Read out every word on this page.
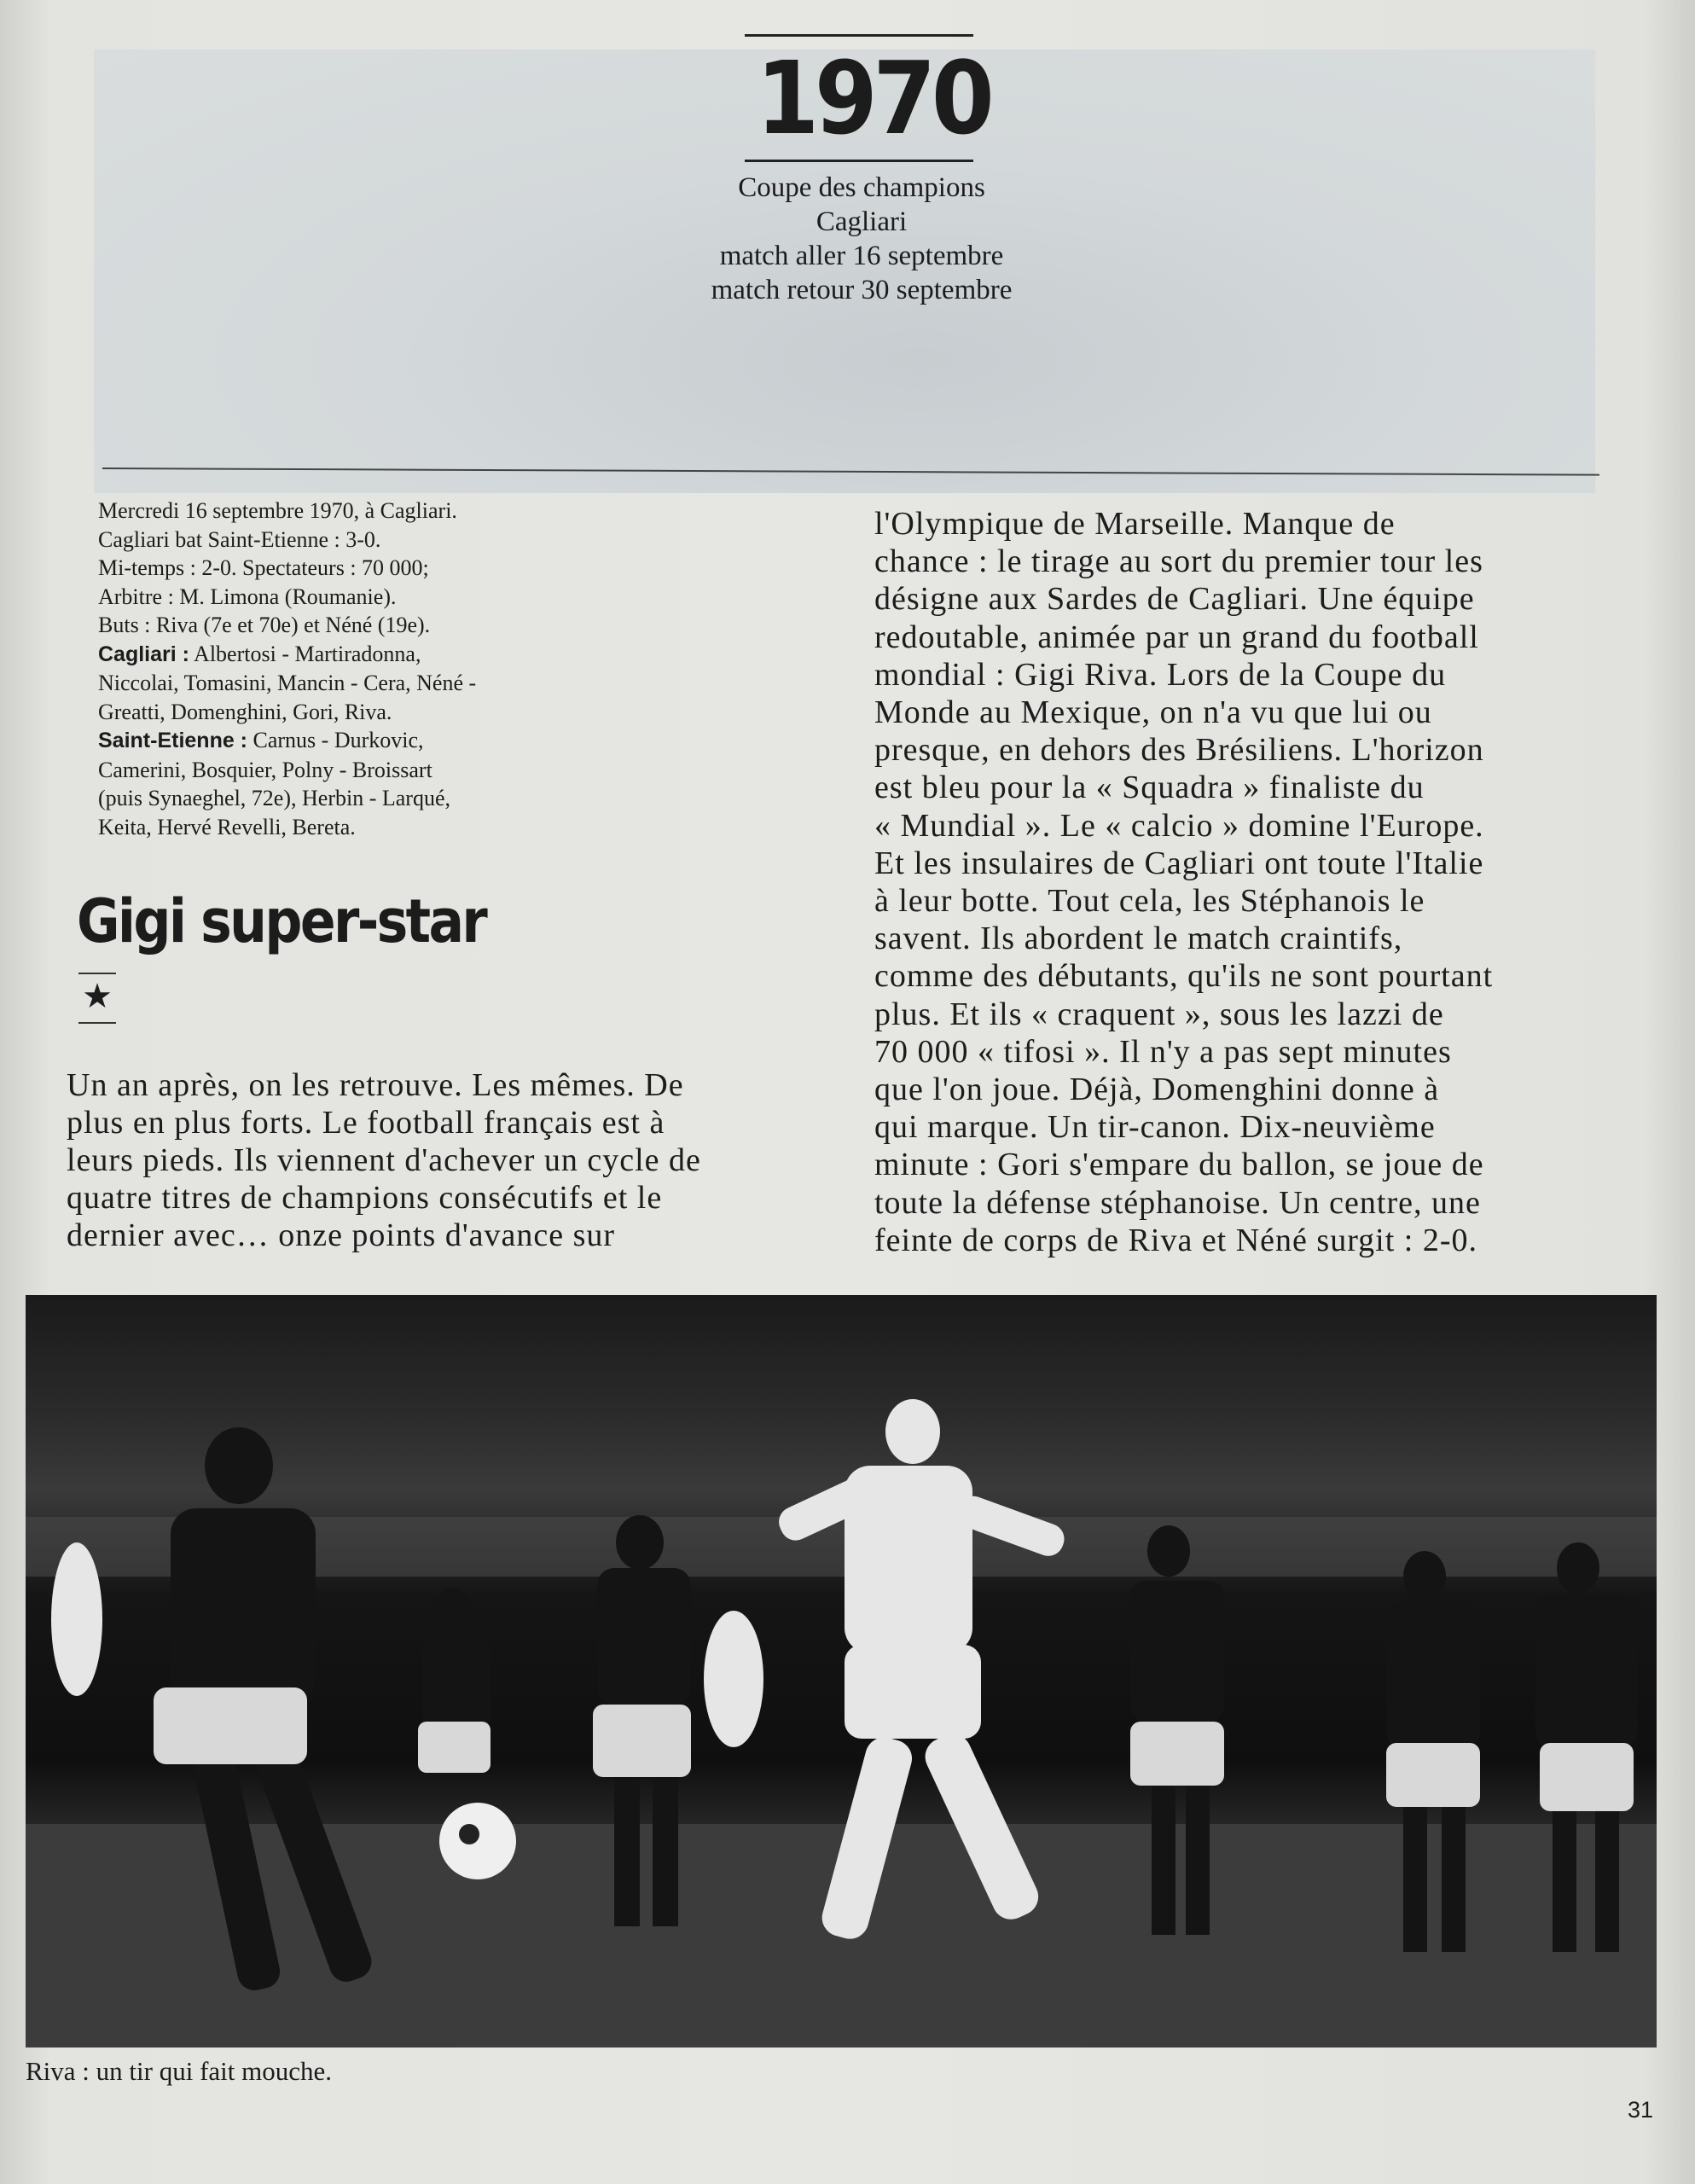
1970
Coupe des champions
Cagliari
match aller 16 septembre
match retour 30 septembre
Mercredi 16 septembre 1970, à Cagliari.
Cagliari bat Saint-Etienne : 3-0.
Mi-temps : 2-0. Spectateurs : 70 000;
Arbitre : M. Limona (Roumanie).
Buts : Riva (7e et 70e) et Néné (19e).
Cagliari : Albertosi - Martiradonna,
Niccolai, Tomasini, Mancin - Cera, Néné -
Greatti, Domenghini, Gori, Riva.
Saint-Etienne : Carnus - Durkovic,
Camerini, Bosquier, Polny - Broissart
(puis Synaeghel, 72e), Herbin - Larqué,
Keita, Hervé Revelli, Bereta.
Gigi super-star
★

Un an après, on les retrouve. Les mêmes. De

plus en plus forts. Le football français est à

leurs pieds. Ils viennent d'achever un cycle de

quatre titres de champions consécutifs et le

dernier avec… onze points d'avance sur

l'Olympique de Marseille. Manque de

chance : le tirage au sort du premier tour les

désigne aux Sardes de Cagliari. Une équipe

redoutable, animée par un grand du football

mondial : Gigi Riva. Lors de la Coupe du

Monde au Mexique, on n'a vu que lui ou

presque, en dehors des Brésiliens. L'horizon

est bleu pour la « Squadra » finaliste du

« Mundial ». Le « calcio » domine l'Europe.

Et les insulaires de Cagliari ont toute l'Italie

à leur botte. Tout cela, les Stéphanois le

savent. Ils abordent le match craintifs,

comme des débutants, qu'ils ne sont pourtant

plus. Et ils « craquent », sous les lazzi de

70 000 « tifosi ». Il n'y a pas sept minutes

que l'on joue. Déjà, Domenghini donne à

qui marque. Un tir-canon. Dix-neuvième

minute : Gori s'empare du ballon, se joue de

toute la défense stéphanoise. Un centre, une

feinte de corps de Riva et Néné surgit : 2-0.

Riva : un tir qui fait mouche.
31
